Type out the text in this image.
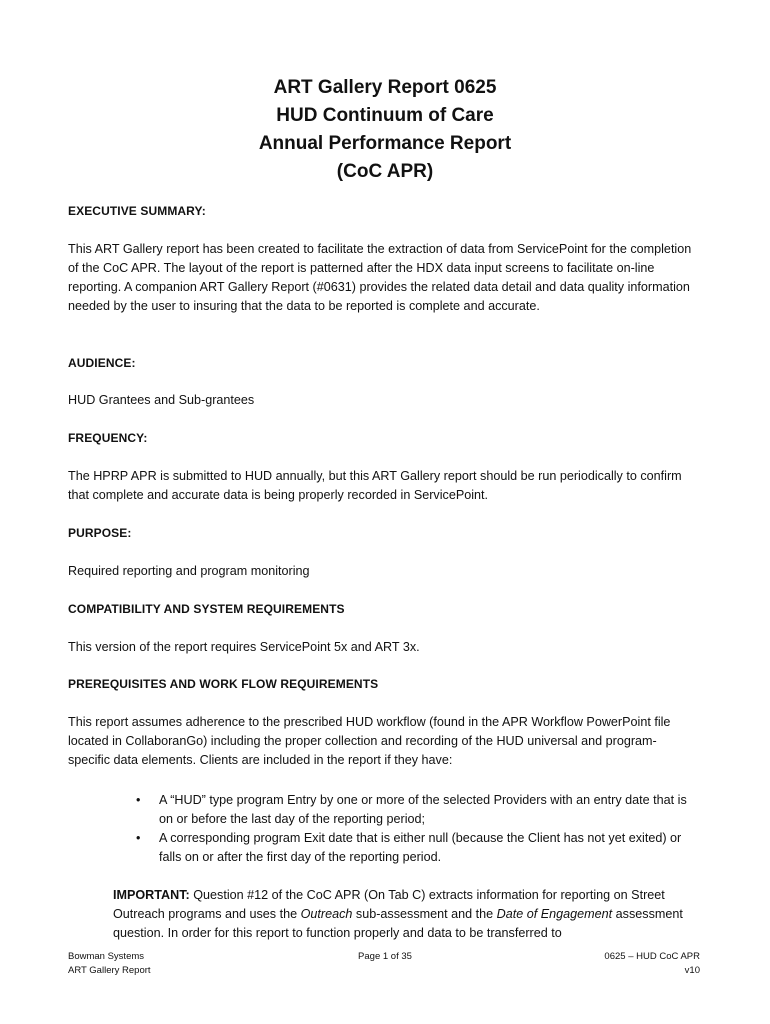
ART Gallery Report 0625
HUD Continuum of Care
Annual Performance Report
(CoC APR)
EXECUTIVE SUMMARY:
This ART Gallery report has been created to facilitate the extraction of data from ServicePoint for the completion of the CoC APR. The layout of the report is patterned after the HDX data input screens to facilitate on-line reporting. A companion ART Gallery Report (#0631) provides the related data detail and data quality information needed by the user to insuring that the data to be reported is complete and accurate.
AUDIENCE:
HUD Grantees and Sub-grantees
FREQUENCY:
The HPRP APR is submitted to HUD annually, but this ART Gallery report should be run periodically to confirm that complete and accurate data is being properly recorded in ServicePoint.
PURPOSE:
Required reporting and program monitoring
COMPATIBILITY AND SYSTEM REQUIREMENTS
This version of the report requires ServicePoint 5x and ART 3x.
PREREQUISITES AND WORK FLOW REQUIREMENTS
This report assumes adherence to the prescribed HUD workflow (found in the APR Workflow PowerPoint file located in CollaboranGo) including the proper collection and recording of the HUD universal and program-specific data elements. Clients are included in the report if they have:
• A “HUD” type program Entry by one or more of the selected Providers with an entry date that is on or before the last day of the reporting period;
• A corresponding program Exit date that is either null (because the Client has not yet exited) or falls on or after the first day of the reporting period.
IMPORTANT: Question #12 of the CoC APR (On Tab C) extracts information for reporting on Street Outreach programs and uses the Outreach sub-assessment and the Date of Engagement assessment question. In order for this report to function properly and data to be transferred to
Bowman Systems
ART Gallery Report
Page 1 of 35	0625 – HUD CoC APR
v10
